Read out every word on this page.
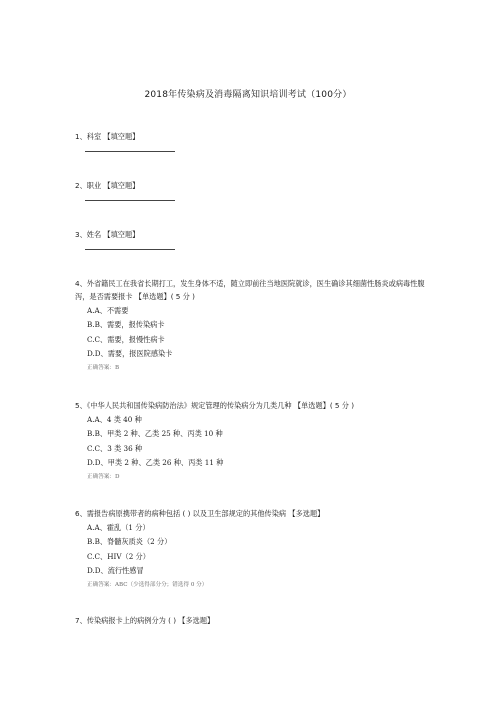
2018年传染病及消毒隔离知识培训考试（100分）

1、科室 【填空题】

2、职业 【填空题】

3、姓名 【填空题】

4、外省籍民工在我省长期打工，发生身体不适，随立即前往当地医院就诊，医生确诊其细菌性肠炎或病毒性腹泻，是否需要报卡 【单选题】( 5 分 )

A.A、不需要

B.B、需要，报传染病卡

C.C、需要，报慢性病卡

D.D、需要，报医院感染卡

正确答案：B

5、《中华人民共和国传染病防治法》规定管理的传染病分为几类几种 【单选题】( 5 分 )

A.A、4 类 40 种

B.B、甲类 2 种、乙类 25 种、丙类 10 种

C.C、3 类 36 种

D.D、甲类 2 种、乙类 26 种、丙类 11 种

正确答案：D

6、需报告病原携带者的病种包括 ( ) 以及卫生部规定的其他传染病 【多选题】

A.A、霍乱（1 分）

B.B、脊髓灰质炎（2 分）

C.C、HIV（2 分）

D.D、流行性感冒

正确答案：ABC（少选得部分分；错选得 0 分）

7、传染病报卡上的病例分为 ( ) 【多选题】
